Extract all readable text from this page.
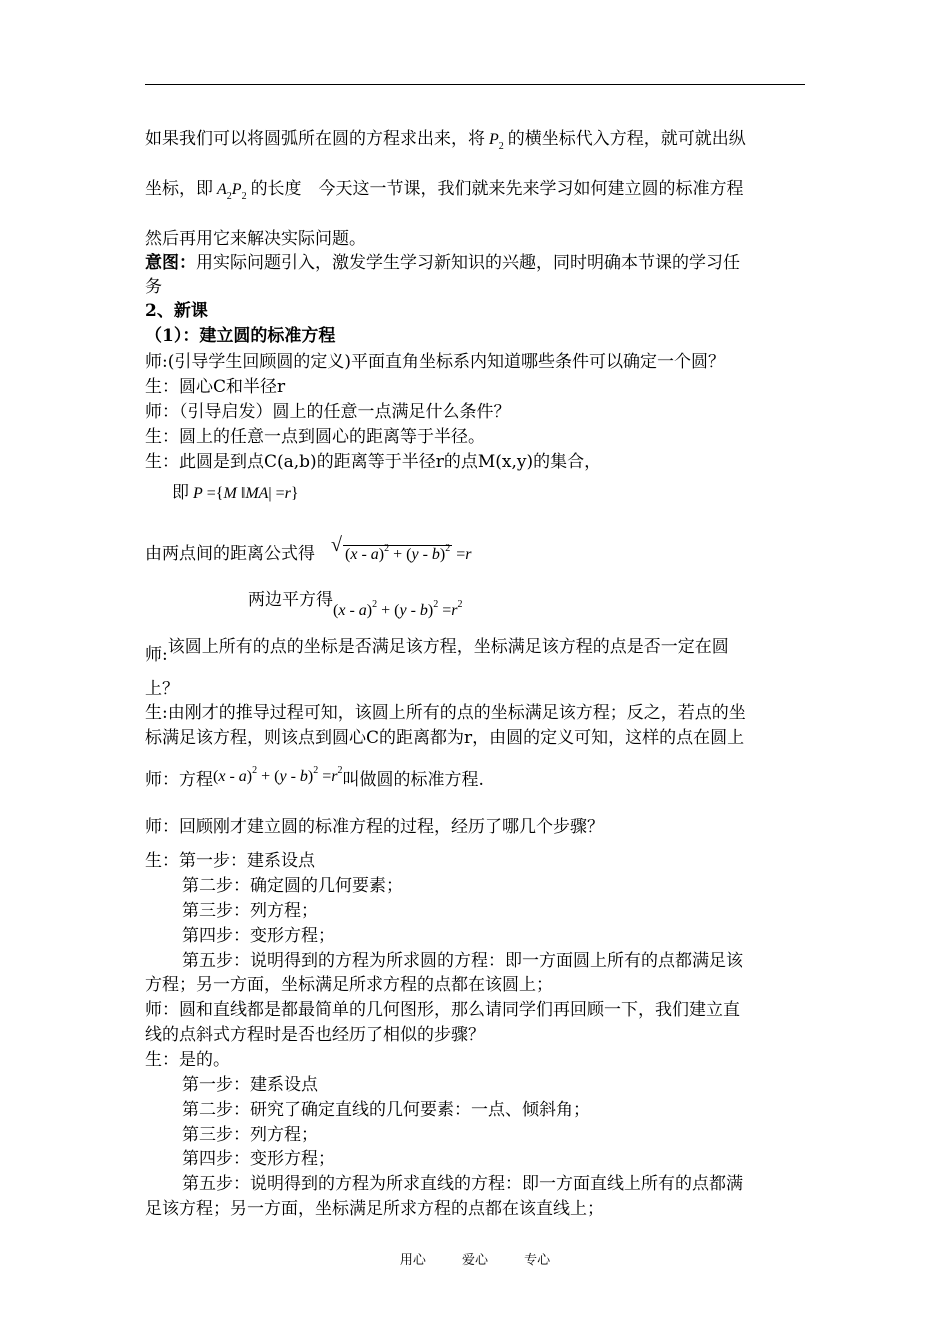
如果我们可以将圆弧所在圆的方程求出来，将 $P_2$ 的横坐标代入方程，就可就出纵
坐标，即 $A_2P_2$ 的长度　今天这一节课，我们就来先来学习如何建立圆的标准方程
然后再用它来解决实际问题。
意图：用实际问题引入，激发学生学习新知识的兴趣，同时明确本节课的学习任
务
2、新课
（1）：建立圆的标准方程
师:(引导学生回顾圆的定义)平面直角坐标系内知道哪些条件可以确定一个圆？
生：圆心C和半径r
师：（引导启发）圆上的任意一点满足什么条件？
生：圆上的任意一点到圆心的距离等于半径。
生：此圆是到点C(a,b)的距离等于半径r的点M(x,y)的集合，
即 P ={M ‖MA| =r}
由两点间的距离公式得 √ (x - a)$^2$ + (y - b)$^2$ =r
两边平方得$(x - a)^2 + (y - b)^2 =r^2$
师:该圆上所有的点的坐标是否满足该方程，坐标满足该方程的点是否一定在圆
上？
生:由刚才的推导过程可知，该圆上所有的点的坐标满足该方程；反之，若点的坐
标满足该方程，则该点到圆心C的距离都为r，由圆的定义可知，这样的点在圆上
师：方程$(x - a)^2 + (y - b)^2 =r^2$叫做圆的标准方程.
师：回顾刚才建立圆的标准方程的过程，经历了哪几个步骤？
生：第一步：建系设点
第二步：确定圆的几何要素；
第三步：列方程；
第四步：变形方程；
第五步：说明得到的方程为所求圆的方程：即一方面圆上所有的点都满足该
方程；另一方面，坐标满足所求方程的点都在该圆上；
师：圆和直线都是都最简单的几何图形，那么请同学们再回顾一下，我们建立直
线的点斜式方程时是否也经历了相似的步骤？
生：是的。
第一步：建系设点
第二步：研究了确定直线的几何要素：一点、倾斜角；
第三步：列方程；
第四步：变形方程；
第五步：说明得到的方程为所求直线的方程：即一方面直线上所有的点都满
足该方程；另一方面，坐标满足所求方程的点都在该直线上；
用心	爱心	专心
